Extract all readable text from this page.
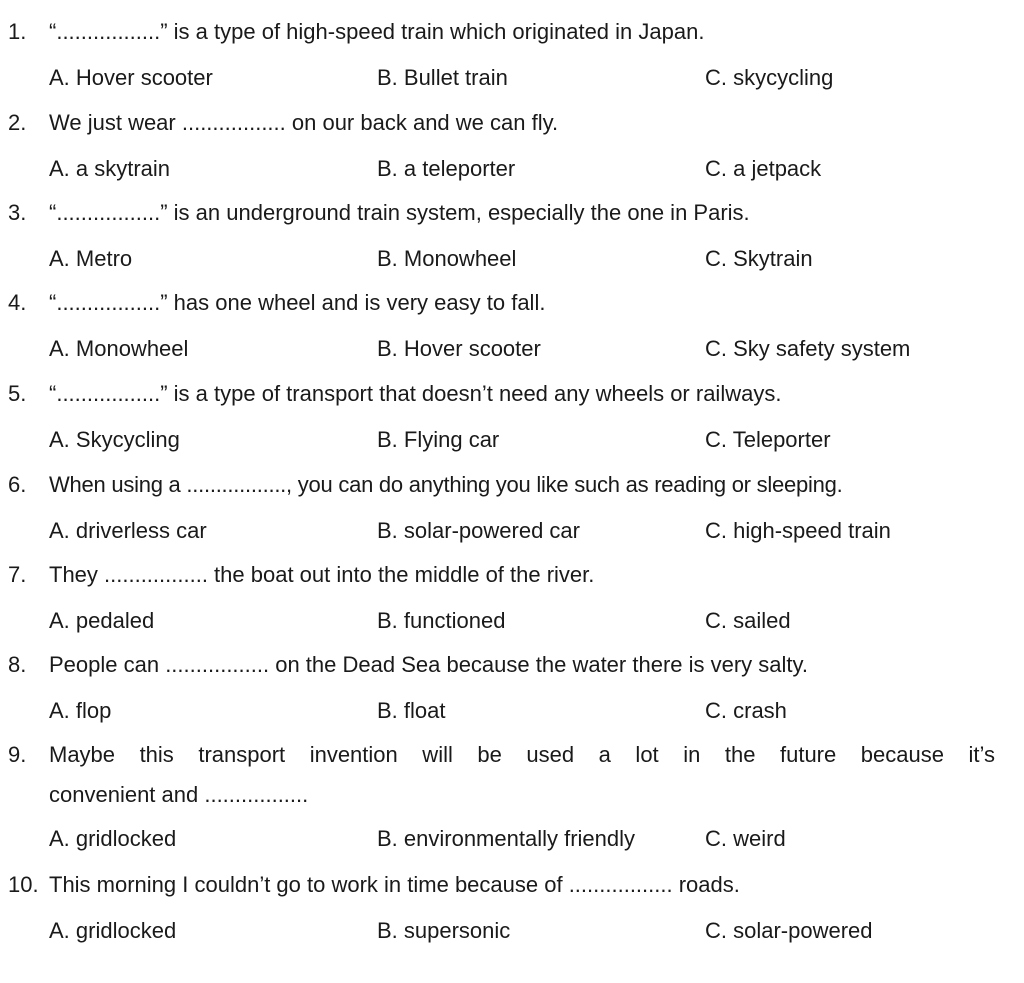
1. “.................” is a type of high-speed train which originated in Japan.
A. Hover scooter	B. Bullet train	C. skycycling
2. We just wear ................. on our back and we can fly.
A. a skytrain	B. a teleporter	C. a jetpack
3. “.................” is an underground train system, especially the one in Paris.
A. Metro	B. Monowheel	C. Skytrain
4. “.................” has one wheel and is very easy to fall.
A. Monowheel	B. Hover scooter	C. Sky safety system
5. “.................” is a type of transport that doesn’t need any wheels or railways.
A. Skycycling	B. Flying car	C. Teleporter
6. When using a ................., you can do anything you like such as reading or sleeping.
A. driverless car	B. solar-powered car	C. high-speed train
7. They ................. the boat out into the middle of the river.
A. pedaled	B. functioned	C. sailed
8. People can ................. on the Dead Sea because the water there is very salty.
A. flop	B. float	C. crash
9. Maybe this transport invention will be used a lot in the future because it’s
convenient and .................
A. gridlocked	B. environmentally friendly	C. weird
10. This morning I couldn’t go to work in time because of ................. roads.
A. gridlocked	B. supersonic	C. solar-powered
